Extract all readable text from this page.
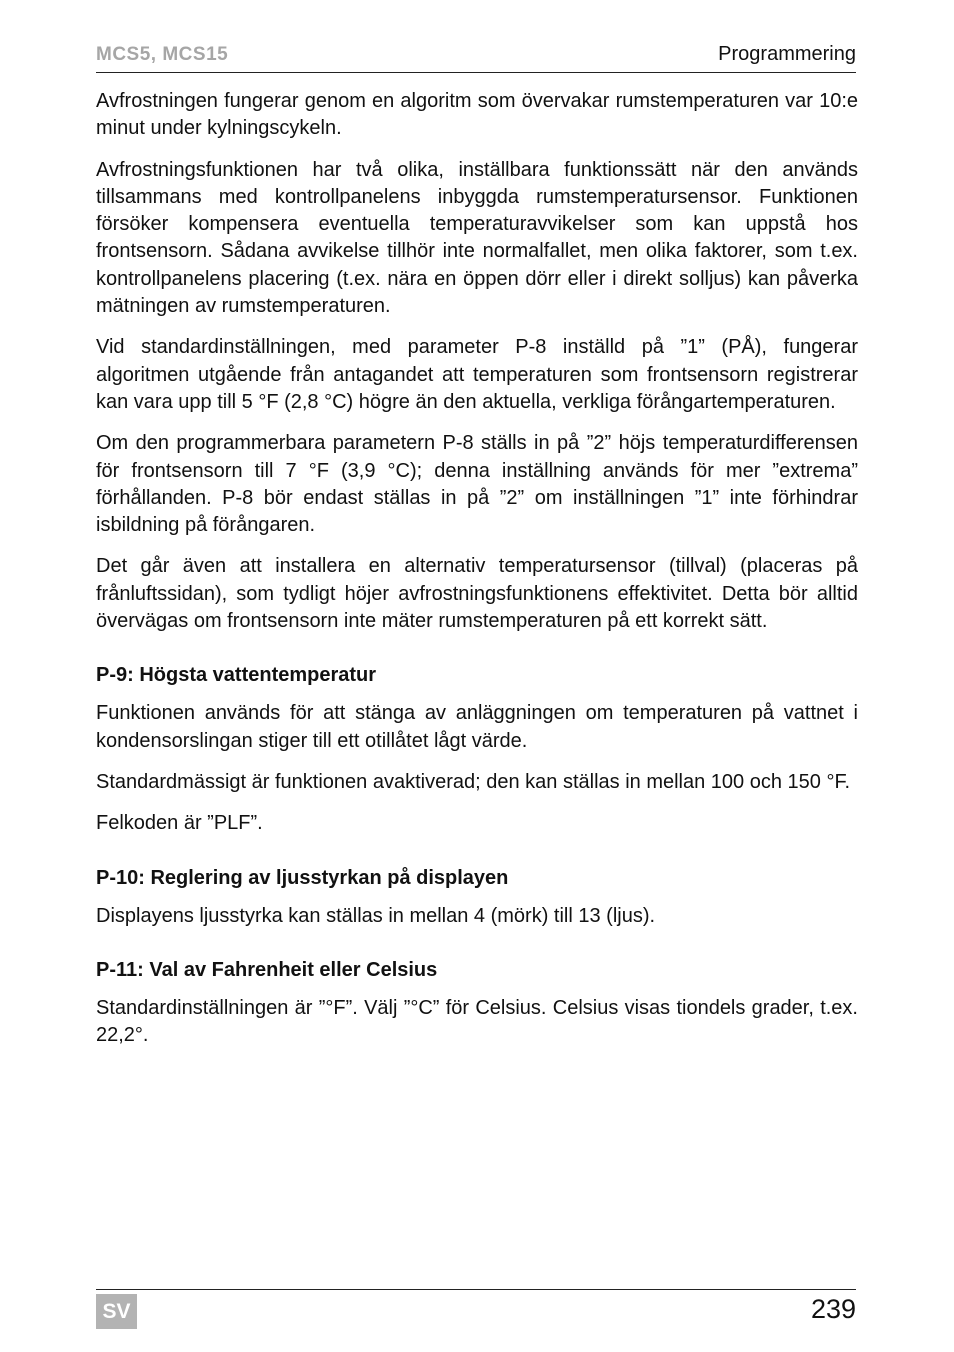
MCS5, MCS15	Programmering

Avfrostningen fungerar genom en algoritm som övervakar rumstemperaturen var 10:e minut under kylningscykeln.

Avfrostningsfunktionen har två olika, inställbara funktionssätt när den används tillsammans med kontrollpanelens inbyggda rumstemperatursensor. Funktionen försöker kompensera eventuella temperaturavvikelser som kan uppstå hos frontsensorn. Sådana avvikelse tillhör inte normalfallet, men olika faktorer, som t.ex. kontrollpanelens placering (t.ex. nära en öppen dörr eller i direkt solljus) kan påverka mätningen av rumstemperaturen.

Vid standardinställningen, med parameter P-8 inställd på ”1” (PÅ), fungerar algoritmen utgående från antagandet att temperaturen som frontsensorn registrerar kan vara upp till 5 °F (2,8 °C) högre än den aktuella, verkliga förångartemperaturen.

Om den programmerbara parametern P-8 ställs in på ”2” höjs temperaturdifferensen för frontsensorn till 7 °F (3,9 °C); denna inställning används för mer ”extrema” förhållanden. P-8 bör endast ställas in på ”2” om inställningen ”1” inte förhindrar isbildning på förångaren.

Det går även att installera en alternativ temperatursensor (tillval) (placeras på frånluftssidan), som tydligt höjer avfrostningsfunktionens effektivitet. Detta bör alltid övervägas om frontsensorn inte mäter rumstemperaturen på ett korrekt sätt.

P-9: Högsta vattentemperatur

Funktionen används för att stänga av anläggningen om temperaturen på vattnet i kondensorslingan stiger till ett otillåtet lågt värde.

Standardmässigt är funktionen avaktiverad; den kan ställas in mellan 100 och 150 °F.

Felkoden är ”PLF”.

P-10: Reglering av ljusstyrkan på displayen

Displayens ljusstyrka kan ställas in mellan 4 (mörk) till 13 (ljus).

P-11: Val av Fahrenheit eller Celsius

Standardinställningen är ”°F”. Välj ”°C” för Celsius. Celsius visas tiondels grader, t.ex. 22,2°.

SV	239
